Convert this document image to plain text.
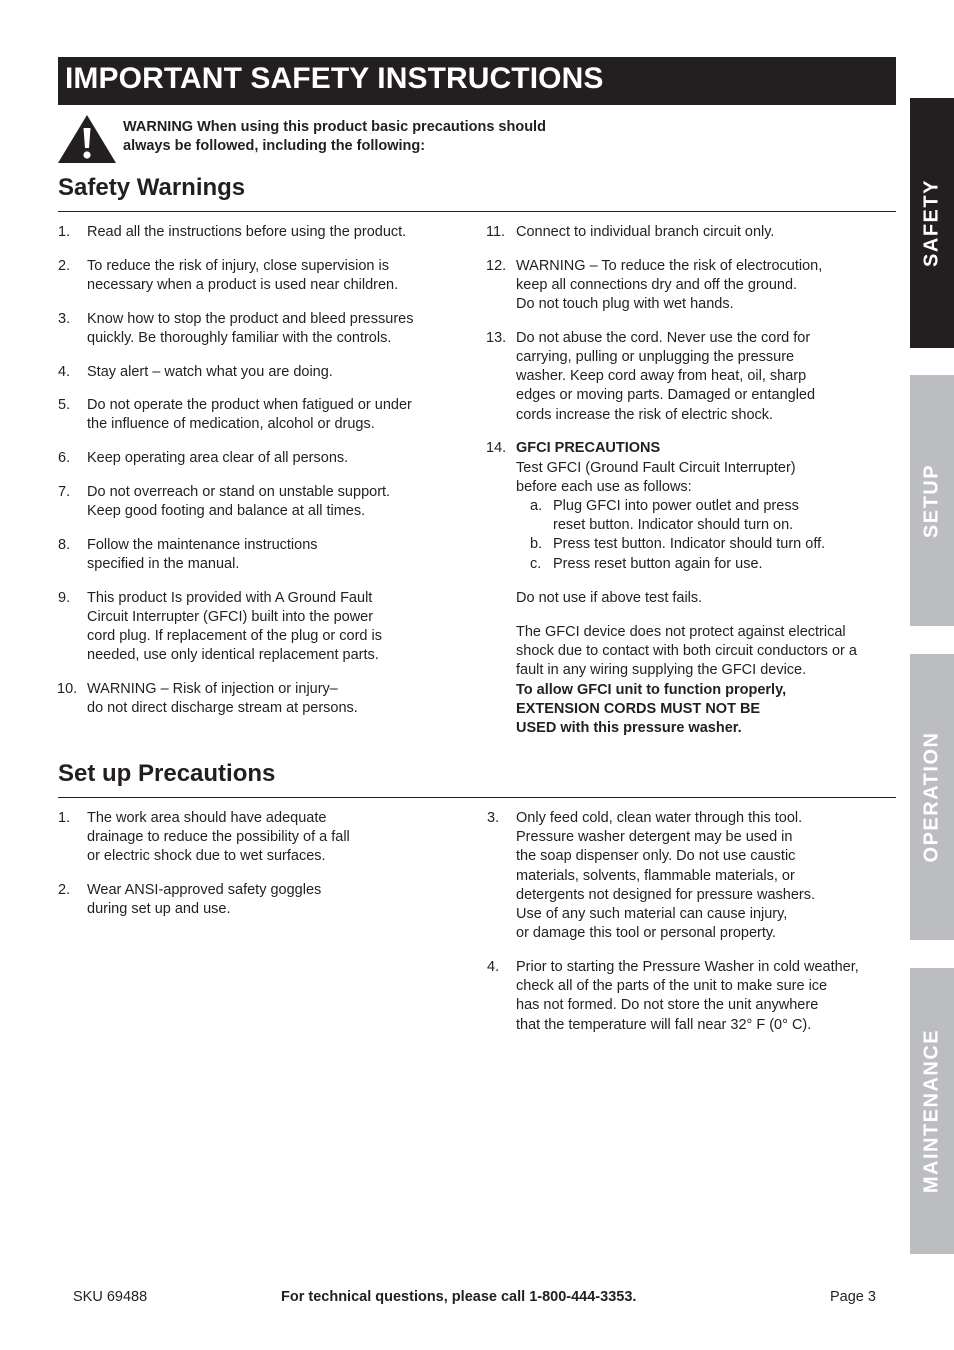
IMPORTANT SAFETY INSTRUCTIONS
WARNING When using this product basic precautions should
always be followed, including the following:
Safety Warnings
1. Read all the instructions before using the product.
2. To reduce the risk of injury, close supervision is
necessary when a product is used near children.
3. Know how to stop the product and bleed pressures
quickly. Be thoroughly familiar with the controls.
4. Stay alert – watch what you are doing.
5. Do not operate the product when fatigued or under
the influence of medication, alcohol or drugs.
6. Keep operating area clear of all persons.
7. Do not overreach or stand on unstable support.
Keep good footing and balance at all times.
8. Follow the maintenance instructions
specified in the manual.
9. This product Is provided with A Ground Fault
Circuit Interrupter (GFCI) built into the power
cord plug. If replacement of the plug or cord is
needed, use only identical replacement parts.
10. WARNING – Risk of injection or injury–
do not direct discharge stream at persons.
11. Connect to individual branch circuit only.
12. WARNING – To reduce the risk of electrocution,
keep all connections dry and off the ground.
Do not touch plug with wet hands.
13. Do not abuse the cord. Never use the cord for
carrying, pulling or unplugging the pressure
washer. Keep cord away from heat, oil, sharp
edges or moving parts. Damaged or entangled
cords increase the risk of electric shock.
14. GFCI PRECAUTIONS
Test GFCI (Ground Fault Circuit Interrupter)
before each use as follows:
a. Plug GFCI into power outlet and press
reset button. Indicator should turn on.
b. Press test button. Indicator should turn off.
c. Press reset button again for use.
Do not use if above test fails.
The GFCI device does not protect against electrical
shock due to contact with both circuit conductors or a
fault in any wiring supplying the GFCI device.
To allow GFCI unit to function properly,
EXTENSION CORDS MUST NOT BE
USED with this pressure washer.
Set up Precautions
1. The work area should have adequate
drainage to reduce the possibility of a fall
or electric shock due to wet surfaces.
2. Wear ANSI-approved safety goggles
during set up and use.
3. Only feed cold, clean water through this tool.
Pressure washer detergent may be used in
the soap dispenser only. Do not use caustic
materials, solvents, flammable materials, or
detergents not designed for pressure washers.
Use of any such material can cause injury,
or damage this tool or personal property.
4. Prior to starting the Pressure Washer in cold weather,
check all of the parts of the unit to make sure ice
has not formed. Do not store the unit anywhere
that the temperature will fall near 32° F (0° C).
SAFETY
SETUP
OPERATION
MAINTENANCE
SKU 69488	For technical questions, please call 1-800-444-3353.	Page 3
